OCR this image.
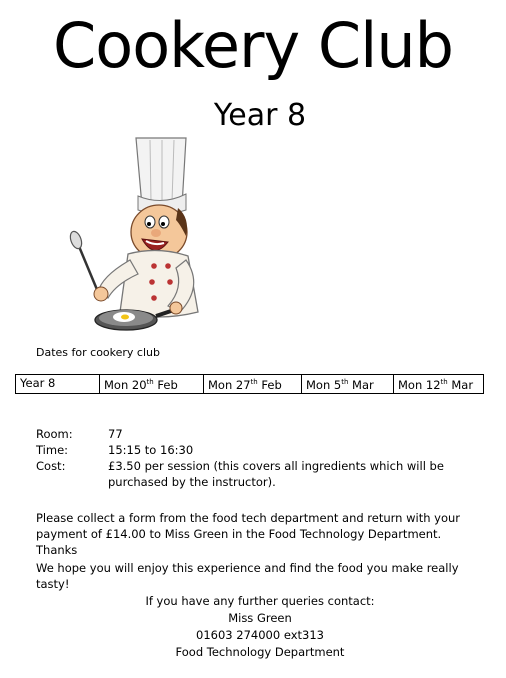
Cookery Club
Year 8
Dates for cookery club
Year 8	Mon 20th Feb	Mon 27th Feb	Mon 5th Mar	Mon 12th Mar
Room:	77
Time:	15:15 to 16:30
Cost:	£3.50 per session (this covers all ingredients which will be purchased by the instructor).
Please collect a form from the food tech department and return with your payment of £14.00 to Miss Green in the Food Technology Department. Thanks
We hope you will enjoy this experience and find the food you make really tasty!
If you have any further queries contact:
Miss Green
01603 274000 ext313
Food Technology Department
